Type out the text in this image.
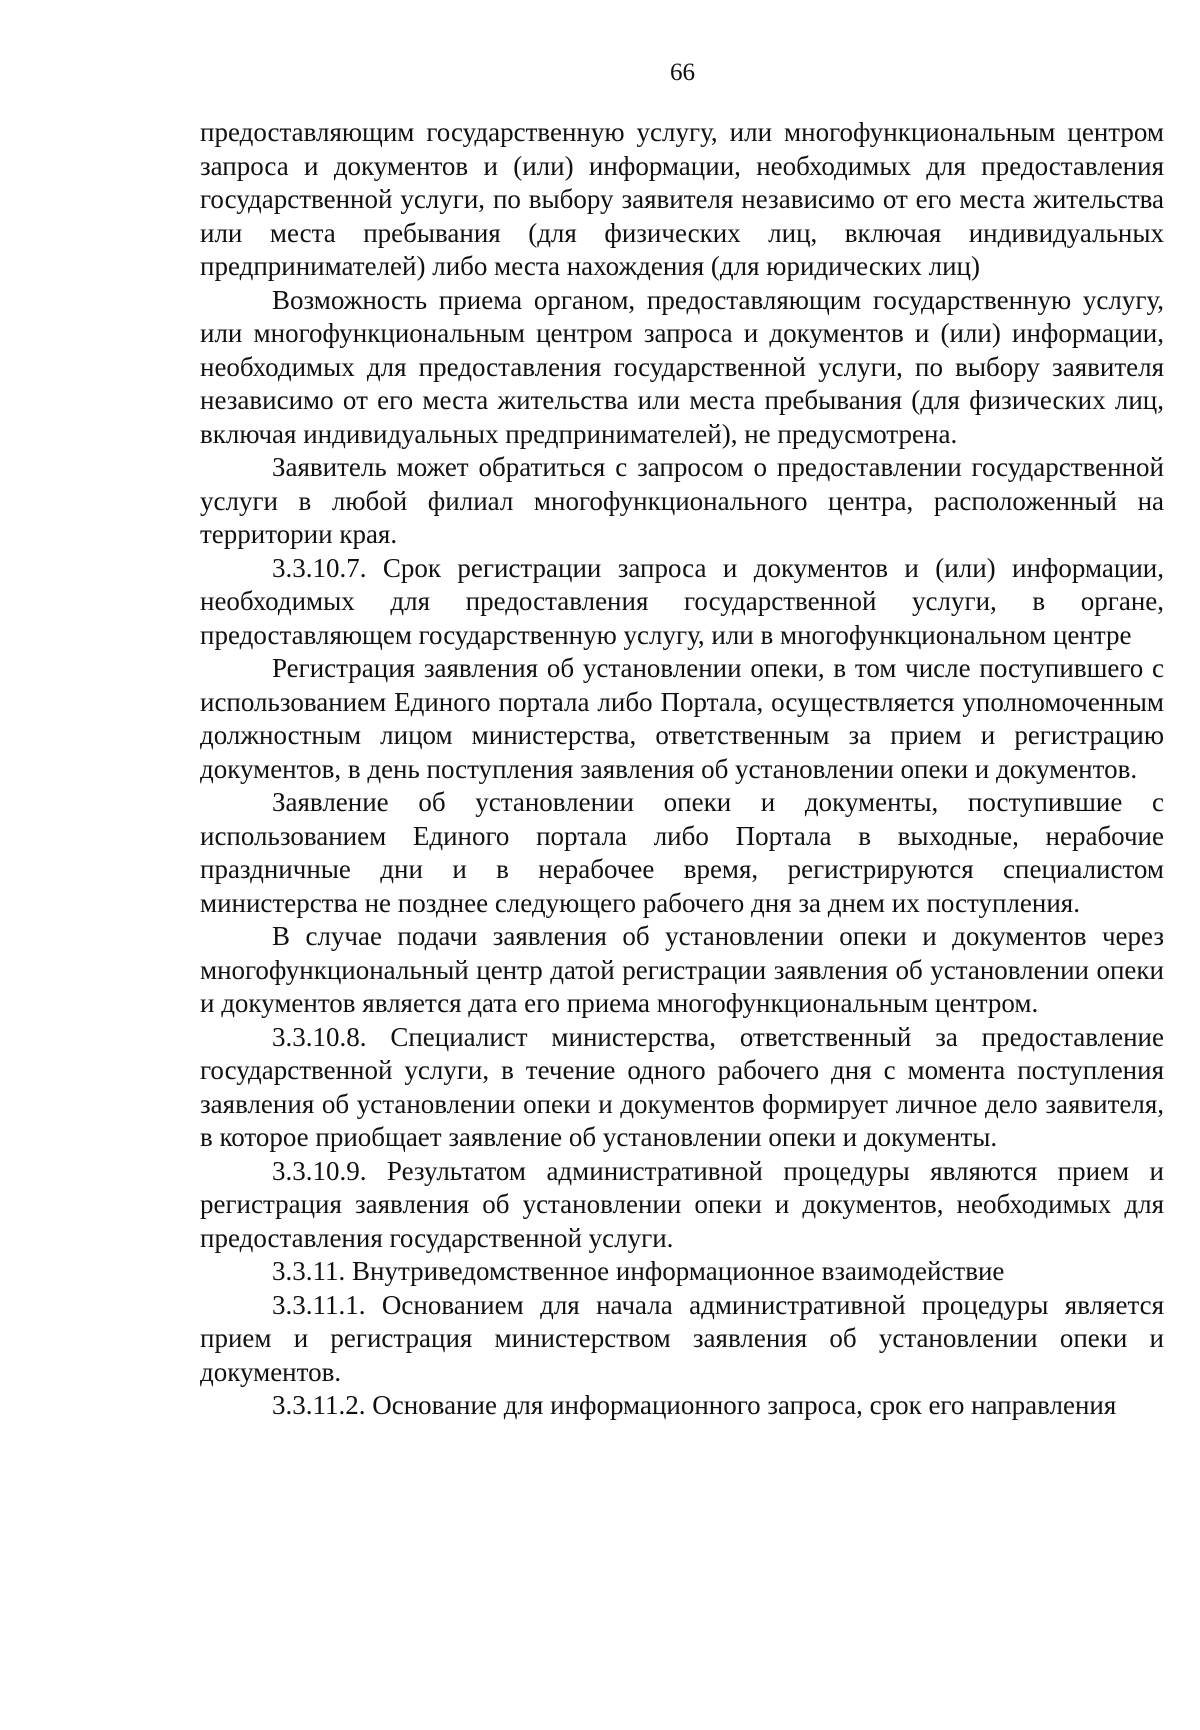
66

предоставляющим государственную услугу, или многофункциональным центром запроса и документов и (или) информации, необходимых для предоставления государственной услуги, по выбору заявителя независимо от его места жительства или места пребывания (для физических лиц, включая индивидуальных предпринимателей) либо места нахождения (для юридических лиц)

Возможность приема органом, предоставляющим государственную услугу, или многофункциональным центром запроса и документов и (или) информации, необходимых для предоставления государственной услуги, по выбору заявителя независимо от его места жительства или места пребывания (для физических лиц, включая индивидуальных предпринимателей), не предусмотрена.

Заявитель может обратиться с запросом о предоставлении государственной услуги в любой филиал многофункционального центра, расположенный на территории края.

3.3.10.7. Срок регистрации запроса и документов и (или) информации, необходимых для предоставления государственной услуги, в органе, предоставляющем государственную услугу, или в многофункциональном центре

Регистрация заявления об установлении опеки, в том числе поступившего с использованием Единого портала либо Портала, осуществляется уполномоченным должностным лицом министерства, ответственным за прием и регистрацию документов, в день поступления заявления об установлении опеки и документов.

Заявление об установлении опеки и документы, поступившие с использованием Единого портала либо Портала в выходные, нерабочие праздничные дни и в нерабочее время, регистрируются специалистом министерства не позднее следующего рабочего дня за днем их поступления.

В случае подачи заявления об установлении опеки и документов через многофункциональный центр датой регистрации заявления об установлении опеки и документов является дата его приема многофункциональным центром.

3.3.10.8. Специалист министерства, ответственный за предоставление государственной услуги, в течение одного рабочего дня с момента поступления заявления об установлении опеки и документов формирует личное дело заявителя, в которое приобщает заявление об установлении опеки и документы.

3.3.10.9. Результатом административной процедуры являются прием и регистрация заявления об установлении опеки и документов, необходимых для предоставления государственной услуги.

3.3.11. Внутриведомственное информационное взаимодействие

3.3.11.1. Основанием для начала административной процедуры является прием и регистрация министерством заявления об установлении опеки и документов.

3.3.11.2. Основание для информационного запроса, срок его направления
